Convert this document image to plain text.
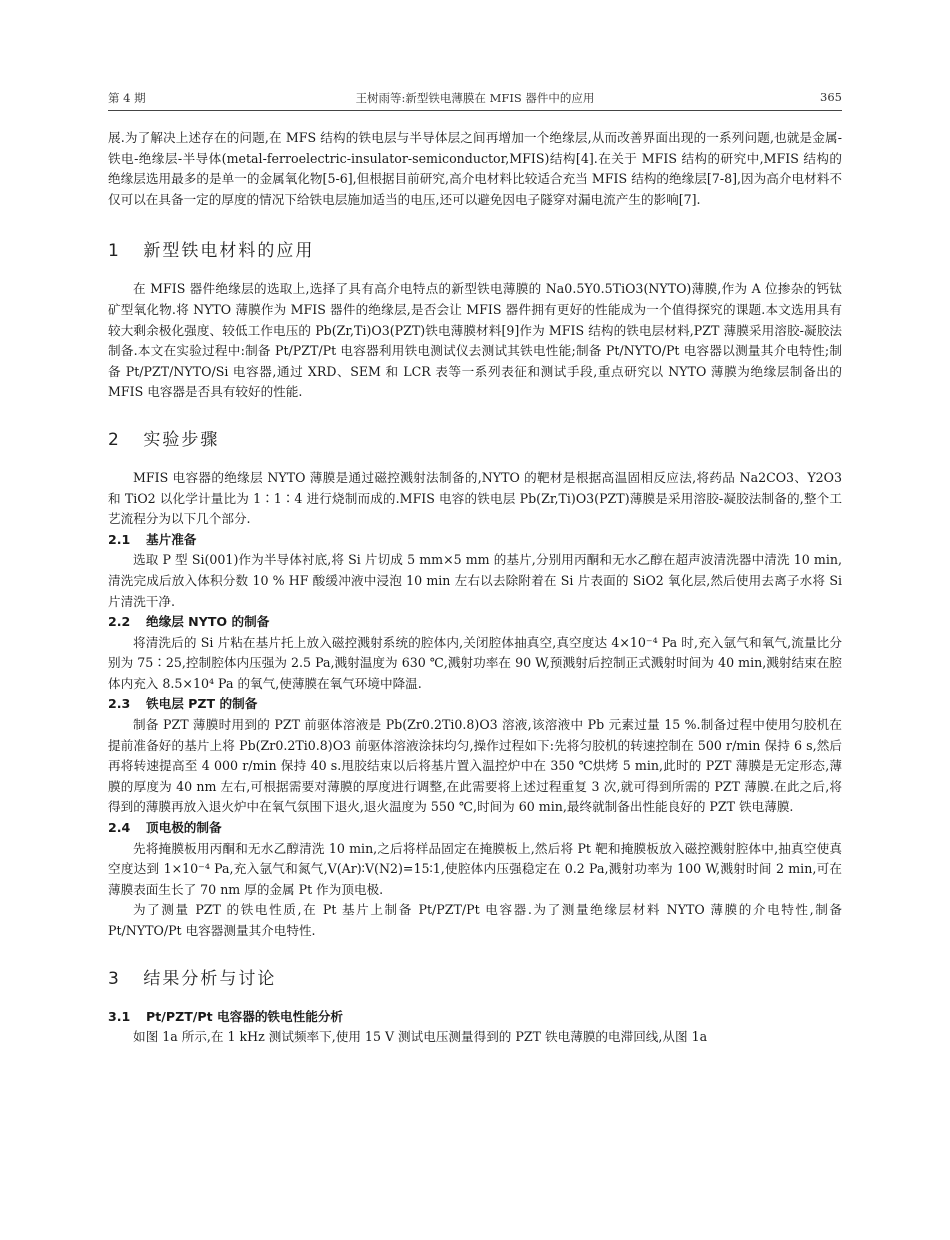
第 4 期	王树雨等:新型铁电薄膜在 MFIS 器件中的应用	365

展.为了解决上述存在的问题,在 MFS 结构的铁电层与半导体层之间再增加一个绝缘层,从而改善界面出现的一系列问题,也就是金属-铁电-绝缘层-半导体(metal-ferroelectric-insulator-semiconductor,MFIS)结构[4].在关于 MFIS 结构的研究中,MFIS 结构的绝缘层选用最多的是单一的金属氧化物[5-6],但根据目前研究,高介电材料比较适合充当 MFIS 结构的绝缘层[7-8],因为高介电材料不仅可以在具备一定的厚度的情况下给铁电层施加适当的电压,还可以避免因电子隧穿对漏电流产生的影响[7].

1 新型铁电材料的应用

在 MFIS 器件绝缘层的选取上,选择了具有高介电特点的新型铁电薄膜的 Na0.5Y0.5TiO3(NYTO)薄膜,作为 A 位掺杂的钙钛矿型氧化物.将 NYTO 薄膜作为 MFIS 器件的绝缘层,是否会让 MFIS 器件拥有更好的性能成为一个值得探究的课题.本文选用具有较大剩余极化强度、较低工作电压的 Pb(Zr,Ti)O3(PZT)铁电薄膜材料[9]作为 MFIS 结构的铁电层材料,PZT 薄膜采用溶胶-凝胶法制备.本文在实验过程中:制备 Pt/PZT/Pt 电容器利用铁电测试仪去测试其铁电性能;制备 Pt/NYTO/Pt 电容器以测量其介电特性;制备 Pt/PZT/NYTO/Si 电容器,通过 XRD、SEM 和 LCR 表等一系列表征和测试手段,重点研究以 NYTO 薄膜为绝缘层制备出的 MFIS 电容器是否具有较好的性能.

2 实验步骤

MFIS 电容器的绝缘层 NYTO 薄膜是通过磁控溅射法制备的,NYTO 的靶材是根据高温固相反应法,将药品 Na2CO3、Y2O3 和 TiO2 以化学计量比为 1∶1∶4 进行烧制而成的.MFIS 电容的铁电层 Pb(Zr,Ti)O3(PZT)薄膜是采用溶胶-凝胶法制备的,整个工艺流程分为以下几个部分.

2.1 基片准备

选取 P 型 Si(001)作为半导体衬底,将 Si 片切成 5 mm×5 mm 的基片,分别用丙酮和无水乙醇在超声波清洗器中清洗 10 min,清洗完成后放入体积分数 10 % HF 酸缓冲液中浸泡 10 min 左右以去除附着在 Si 片表面的 SiO2 氧化层,然后使用去离子水将 Si 片清洗干净.

2.2 绝缘层 NYTO 的制备

将清洗后的 Si 片粘在基片托上放入磁控溅射系统的腔体内,关闭腔体抽真空,真空度达 4×10⁻⁴ Pa 时,充入氩气和氧气,流量比分别为 75∶25,控制腔体内压强为 2.5 Pa,溅射温度为 630 ℃,溅射功率在 90 W,预溅射后控制正式溅射时间为 40 min,溅射结束在腔体内充入 8.5×10⁴ Pa 的氧气,使薄膜在氧气环境中降温.

2.3 铁电层 PZT 的制备

制备 PZT 薄膜时用到的 PZT 前驱体溶液是 Pb(Zr0.2Ti0.8)O3 溶液,该溶液中 Pb 元素过量 15 %.制备过程中使用匀胶机在提前准备好的基片上将 Pb(Zr0.2Ti0.8)O3 前驱体溶液涂抹均匀,操作过程如下:先将匀胶机的转速控制在 500 r/min 保持 6 s,然后再将转速提高至 4 000 r/min 保持 40 s.甩胶结束以后将基片置入温控炉中在 350 ℃烘烤 5 min,此时的 PZT 薄膜是无定形态,薄膜的厚度为 40 nm 左右,可根据需要对薄膜的厚度进行调整,在此需要将上述过程重复 3 次,就可得到所需的 PZT 薄膜.在此之后,将得到的薄膜再放入退火炉中在氧气氛围下退火,退火温度为 550 ℃,时间为 60 min,最终就制备出性能良好的 PZT 铁电薄膜.

2.4 顶电极的制备

先将掩膜板用丙酮和无水乙醇清洗 10 min,之后将样品固定在掩膜板上,然后将 Pt 靶和掩膜板放入磁控溅射腔体中,抽真空使真空度达到 1×10⁻⁴ Pa,充入氩气和氮气,V(Ar)∶V(N2)=15∶1,使腔体内压强稳定在 0.2 Pa,溅射功率为 100 W,溅射时间 2 min,可在薄膜表面生长了 70 nm 厚的金属 Pt 作为顶电极.

为了测量 PZT 的铁电性质,在 Pt 基片上制备 Pt/PZT/Pt 电容器.为了测量绝缘层材料 NYTO 薄膜的介电特性,制备 Pt/NYTO/Pt 电容器测量其介电特性.

3 结果分析与讨论
3.1 Pt/PZT/Pt 电容器的铁电性能分析

如图 1a 所示,在 1 kHz 测试频率下,使用 15 V 测试电压测量得到的 PZT 铁电薄膜的电滞回线,从图 1a
